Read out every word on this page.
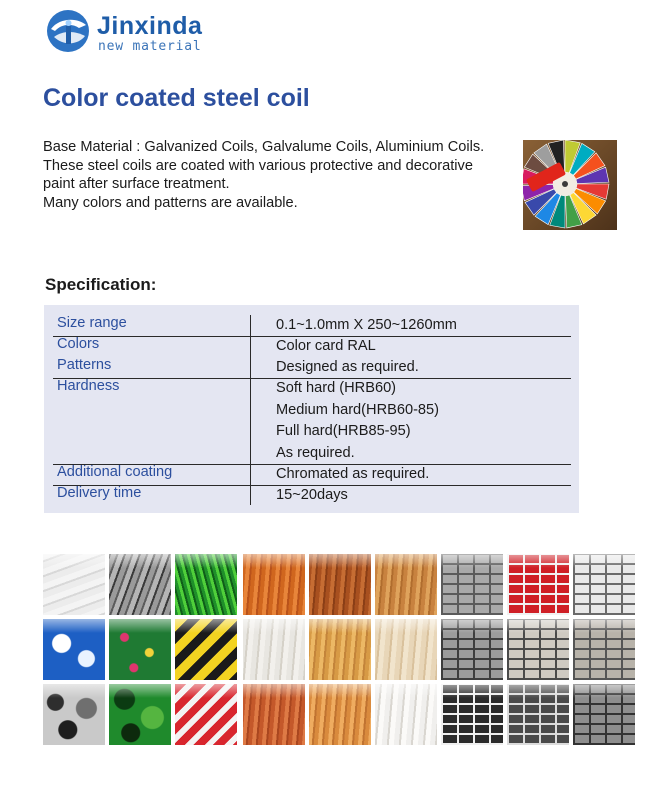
Jinxinda
new material
Color coated steel coil
Base Material : Galvanized Coils, Galvalume Coils, Aluminium Coils.
These steel coils are coated with various protective and decorative
paint after surface treatment.
Many colors and patterns are available.
Specification:
Size range	0.1~1.0mm X 250~1260mm
Colors	Color card RAL
Patterns	Designed as required.
Hardness	Soft hard (HRB60)
Medium hard(HRB60-85)
Full hard(HRB85-95)
As required.
Additional coating	Chromated as required.
Delivery time	15~20days
